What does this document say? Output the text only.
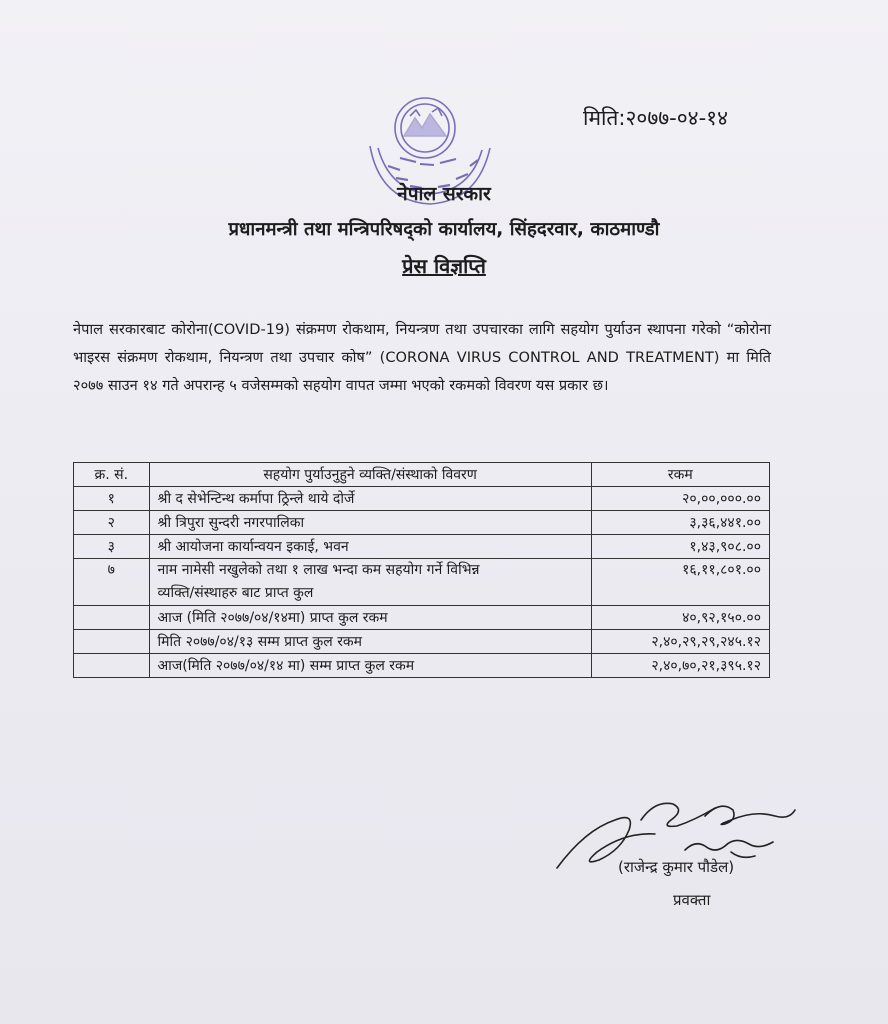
मिति:२०७७-०४-१४
नेपाल सरकार
प्रधानमन्त्री तथा मन्त्रिपरिषद्‌को कार्यालय, सिंहदरवार, काठमाण्डौ
प्रेस विज्ञप्ति
नेपाल सरकारबाट कोरोना(COVID-19) संक्रमण रोकथाम, नियन्त्रण तथा उपचारका लागि सहयोग पुर्याउन स्थापना गरेको “कोरोना भाइरस संक्रमण रोकथाम, नियन्त्रण तथा उपचार कोष” (CORONA VIRUS CONTROL AND TREATMENT) मा मिति २०७७ साउन १४ गते अपरान्ह ५ वजेसम्मको सहयोग वापत जम्मा भएको रकमको विवरण यस प्रकार छ।
क्र. सं.	सहयोग पुर्याउनुहुने व्यक्ति/संस्थाको विवरण	रकम
१	श्री द सेभेन्टिन्थ कर्मापा ठ्रिन्ले थाये दोर्जे	२०,००,०००.००
२	श्री त्रिपुरा सुन्दरी नगरपालिका	३,३६,४४१.००
३	श्री आयोजना कार्यान्वयन इकाई, भवन	१,४३,९०८.००
७	नाम नामेसी नखुलेको तथा १ लाख भन्दा कम सहयोग गर्ने विभिन्न
व्यक्ति/संस्थाहरु बाट प्राप्त कुल	१६,११,८०१.००
	आज (मिति २०७७/०४/१४मा) प्राप्त कुल रकम	४०,९२,१५०.००
	मिति २०७७/०४/१३ सम्म प्राप्त कुल रकम	२,४०,२९,२९,२४५.१२
	आज(मिति २०७७/०४/१४ मा) सम्म प्राप्त कुल रकम	२,४०,७०,२१,३९५.१२
(राजेन्द्र कुमार पौडेल)
प्रवक्ता
